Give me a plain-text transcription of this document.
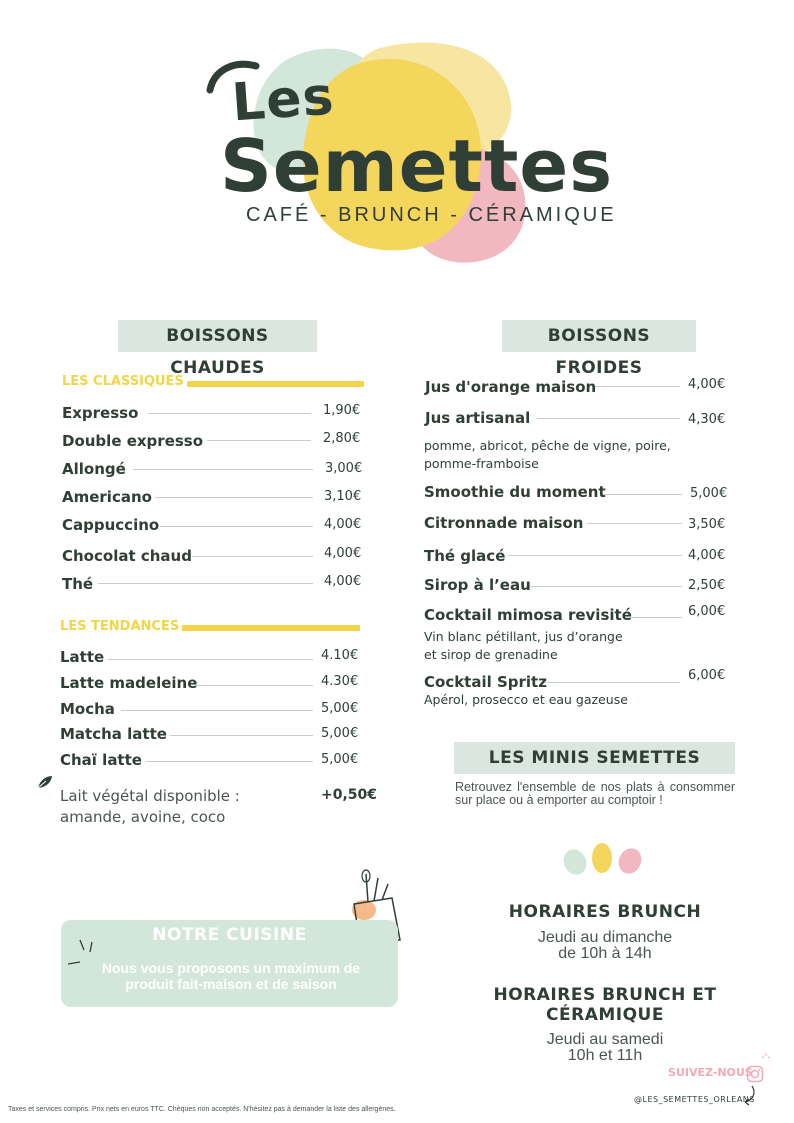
Les
Semettes
CAFÉ - BRUNCH - CÉRAMIQUE
BOISSONS CHAUDES
LES CLASSIQUES
Expresso	1,90€
Double expresso	2,80€
Allongé	3,00€
Americano	3,10€
Cappuccino	4,00€
Chocolat chaud	4,00€
Thé	4,00€
LES TENDANCES
Latte	4.10€
Latte madeleine	4.30€
Mocha	5,00€
Matcha latte	5,00€
Chaï latte	5,00€
Lait végétal disponible :
amande, avoine, coco
+0,50€
BOISSONS FROIDES
Jus d'orange maison	4,00€
Jus artisanal	4,30€
pomme, abricot, pêche de vigne, poire,
pomme-framboise
Smoothie du moment	5,00€
Citronnade maison	3,50€
Thé glacé	4,00€
Sirop à l’eau	2,50€
Cocktail mimosa revisité	6,00€
Vin blanc pétillant, jus d’orange
et sirop de grenadine
Cocktail Spritz	6,00€
Apérol, prosecco et eau gazeuse
LES MINIS SEMETTES
Retrouvez l'ensemble de nos plats à consommer sur place ou à emporter au comptoir !
HORAIRES BRUNCH
Jeudi au dimanche
de 10h à 14h
HORAIRES BRUNCH ET
CÉRAMIQUE
Jeudi au samedi
10h et 11h
NOTRE CUISINE
Nous vous proposons un maximum de produit fait-maison et de saison
SUIVEZ-NOUS
@LES_SEMETTES_ORLEANS
Taxes et services compris. Prix nets en euros TTC. Chèques non acceptés. N'hésitez pas à demander la liste des allergènes.
